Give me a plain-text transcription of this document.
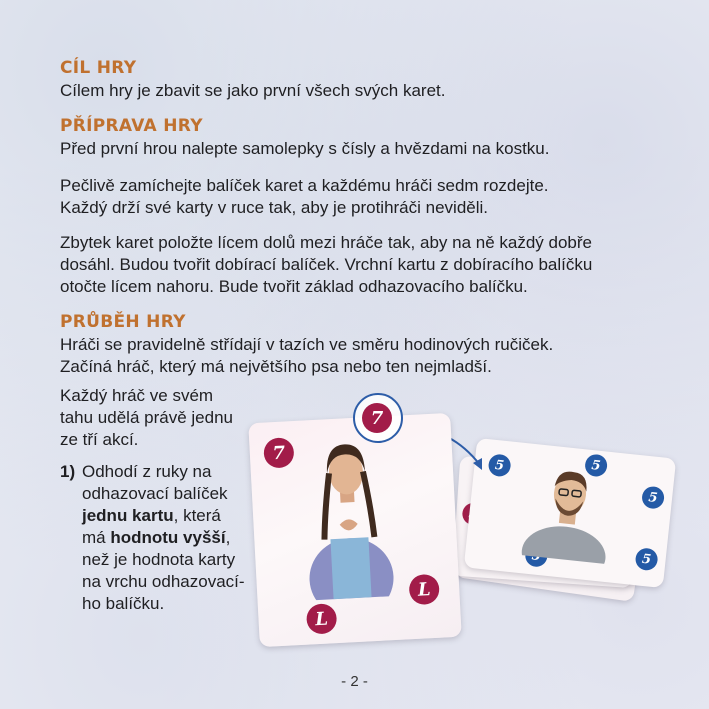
CÍL HRY

Cílem hry je zbavit se jako první všech svých karet.

PŘÍPRAVA HRY

Před první hrou nalepte samolepky s čísly a hvězdami na kostku.

Pečlivě zamíchejte balíček karet a každému hráči sedm rozdejte.

Každý drží své karty v ruce tak, aby je protihráči neviděli.

Zbytek karet položte lícem dolů mezi hráče tak, aby na ně každý dobře

dosáhl. Budou tvořit dobírací balíček. Vrchní kartu z dobíracího balíčku

otočte lícem nahoru. Bude tvořit základ odhazovacího balíčku.

PRŮBĚH HRY

Hráči se pravidelně střídají v tazích ve směru hodinových ručiček.

Začíná hráč, který má největšího psa nebo ten nejmladší.

Každý hráč ve svém

tahu udělá právě jednu

ze tří akcí.

1) Odhodí z ruky na
odhazovací balíček
jednu kartu, která
má hodnotu vyšší,
než je hodnota karty
na vrchu odhazovací-
ho balíčku.
5	5
5
5
7
L
L
7
- 2 -
